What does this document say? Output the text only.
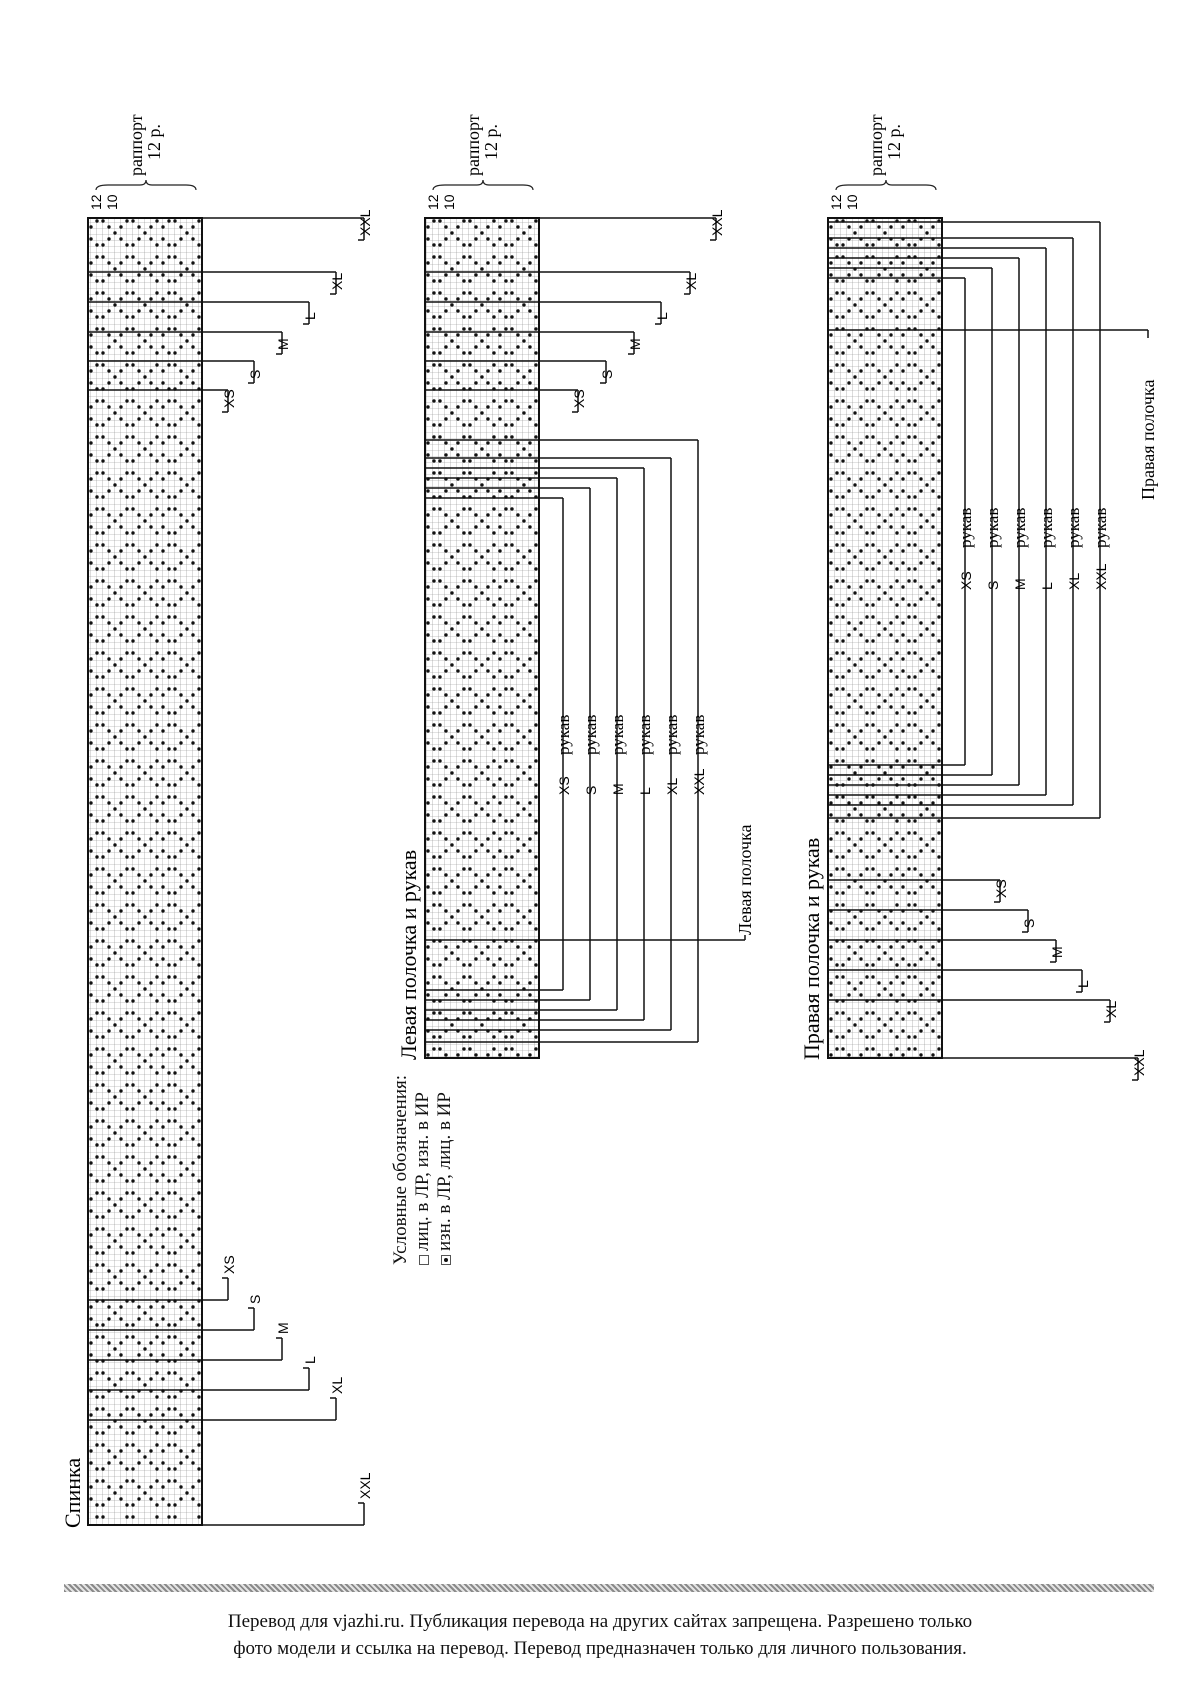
12 10
раппорт
12 р.
Спинка
XS
S
M
L
XL
XXL
XS
S
M
L
XL
XXL
12 10
раппорт
12 р.
Левая полочка и рукав
XS
S
M
L
XL
XXL
XS
рукав
S
рукав
M
рукав
L
рукав
XL
рукав
XXL
рукав
Левая полочка
12 10
раппорт
12 р.
Правая полочка и рукав
XS
рукав
S
рукав
M
рукав
L
рукав
XL
рукав
XXL
рукав
Правая полочка
XS
S
M
L
XL
XXL
Условные обозначения: лиц. в ЛР, изн. в ИР изн. в ЛР, лиц. в ИР
Перевод для vjazhi.ru. Публикация перевода на других сайтах запрещена. Разрешено только
фото модели и ссылка на перевод. Перевод предназначен только для личного пользования.
